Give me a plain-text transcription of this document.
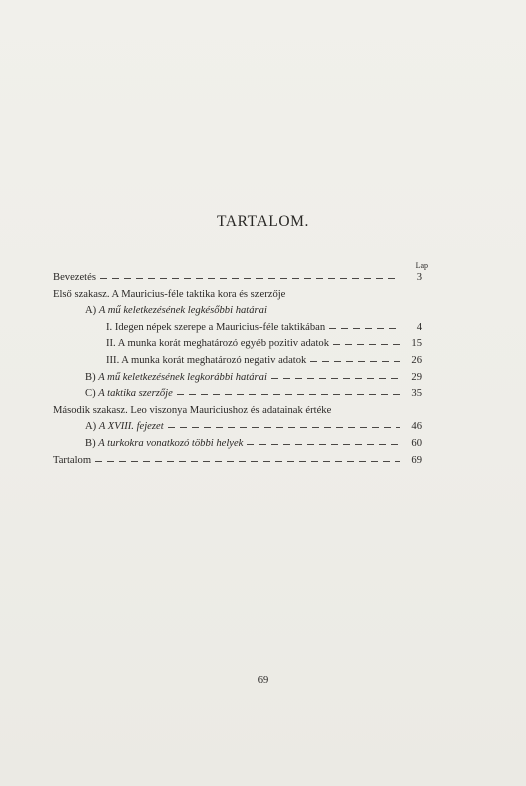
TARTALOM.
Lap
Bevezetés	3
Első szakasz. A Mauricius-féle taktika kora és szerzője
A) A mű keletkezésének legkésőbbi határai
I. Idegen népek szerepe a Mauricius-féle taktikában	4
II. A munka korát meghatározó egyéb pozitiv adatok	15
III. A munka korát meghatározó negativ adatok	26
B) A mű keletkezésének legkorábbi határai	29
C) A taktika szerzője	35
Második szakasz. Leo viszonya Mauriciushoz és adatainak értéke
A) A XVIII. fejezet	46
B) A turkokra vonatkozó többi helyek	60
Tartalom	69
69
